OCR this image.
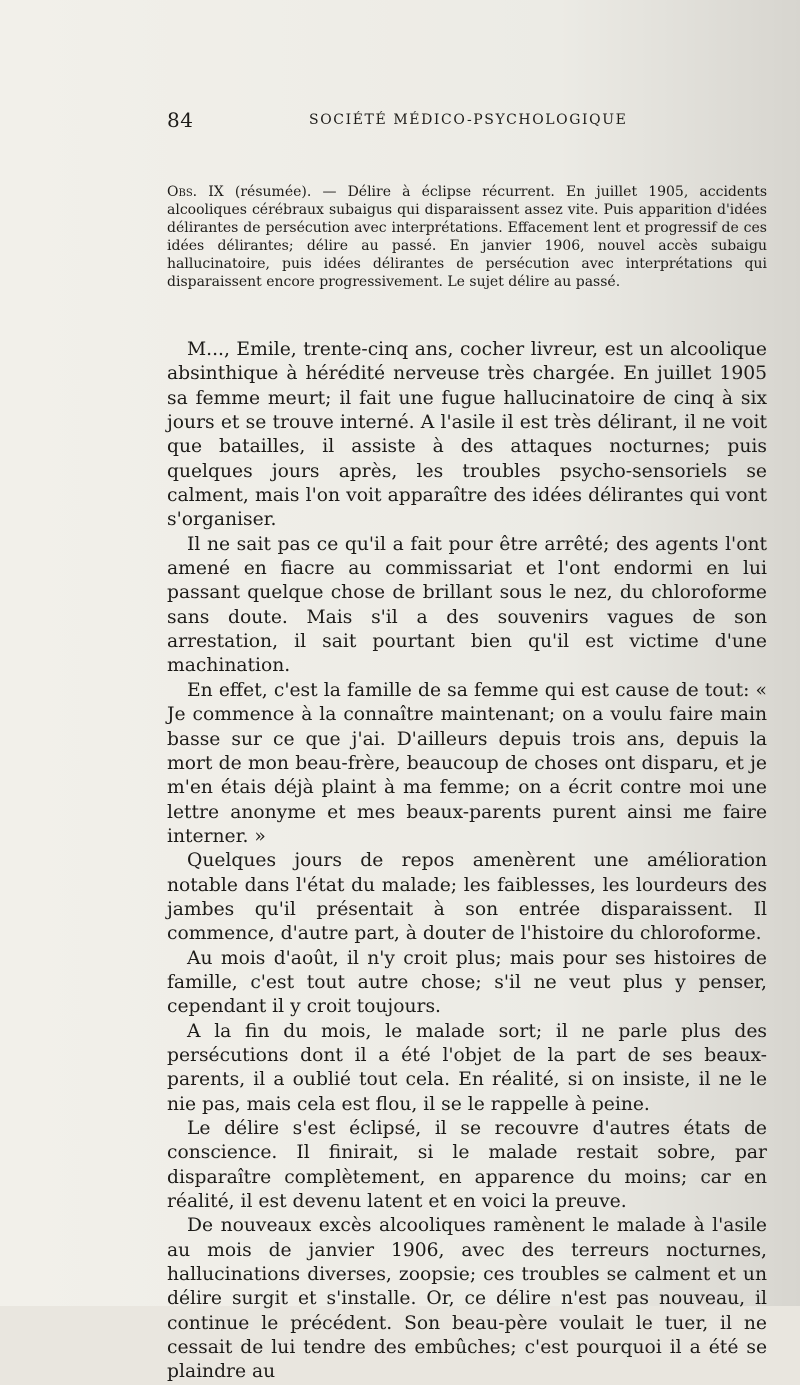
84	SOCIÉTÉ MÉDICO-PSYCHOLOGIQUE
Obs. IX (résumée). — Délire à éclipse récurrent. En juillet 1905, accidents alcooliques cérébraux subaigus qui disparaissent assez vite. Puis apparition d'idées délirantes de persécution avec interprétations. Effacement lent et progressif de ces idées délirantes; délire au passé. En janvier 1906, nouvel accès subaigu hallucinatoire, puis idées délirantes de persécution avec interprétations qui disparaissent encore progressivement. Le sujet délire au passé.

M..., Emile, trente-cinq ans, cocher livreur, est un alcoolique absinthique à hérédité nerveuse très chargée. En juillet 1905 sa femme meurt; il fait une fugue hallucinatoire de cinq à six jours et se trouve interné. A l'asile il est très délirant, il ne voit que batailles, il assiste à des attaques nocturnes; puis quelques jours après, les troubles psycho-sensoriels se calment, mais l'on voit apparaître des idées délirantes qui vont s'organiser.

Il ne sait pas ce qu'il a fait pour être arrêté; des agents l'ont amené en fiacre au commissariat et l'ont endormi en lui passant quelque chose de brillant sous le nez, du chloroforme sans doute. Mais s'il a des souvenirs vagues de son arrestation, il sait pourtant bien qu'il est victime d'une machination.

En effet, c'est la famille de sa femme qui est cause de tout: « Je commence à la connaître maintenant; on a voulu faire main basse sur ce que j'ai. D'ailleurs depuis trois ans, depuis la mort de mon beau-frère, beaucoup de choses ont disparu, et je m'en étais déjà plaint à ma femme; on a écrit contre moi une lettre anonyme et mes beaux-parents purent ainsi me faire interner. »

Quelques jours de repos amenèrent une amélioration notable dans l'état du malade; les faiblesses, les lourdeurs des jambes qu'il présentait à son entrée disparaissent. Il commence, d'autre part, à douter de l'histoire du chloroforme.

Au mois d'août, il n'y croit plus; mais pour ses histoires de famille, c'est tout autre chose; s'il ne veut plus y penser, cependant il y croit toujours.

A la fin du mois, le malade sort; il ne parle plus des persécutions dont il a été l'objet de la part de ses beaux-parents, il a oublié tout cela. En réalité, si on insiste, il ne le nie pas, mais cela est flou, il se le rappelle à peine.

Le délire s'est éclipsé, il se recouvre d'autres états de conscience. Il finirait, si le malade restait sobre, par disparaître complètement, en apparence du moins; car en réalité, il est devenu latent et en voici la preuve.

De nouveaux excès alcooliques ramènent le malade à l'asile au mois de janvier 1906, avec des terreurs nocturnes, hallucinations diverses, zoopsie; ces troubles se calment et un délire surgit et s'installe. Or, ce délire n'est pas nouveau, il continue le précédent. Son beau-père voulait le tuer, il ne cessait de lui tendre des embûches; c'est pourquoi il a été se plaindre au
